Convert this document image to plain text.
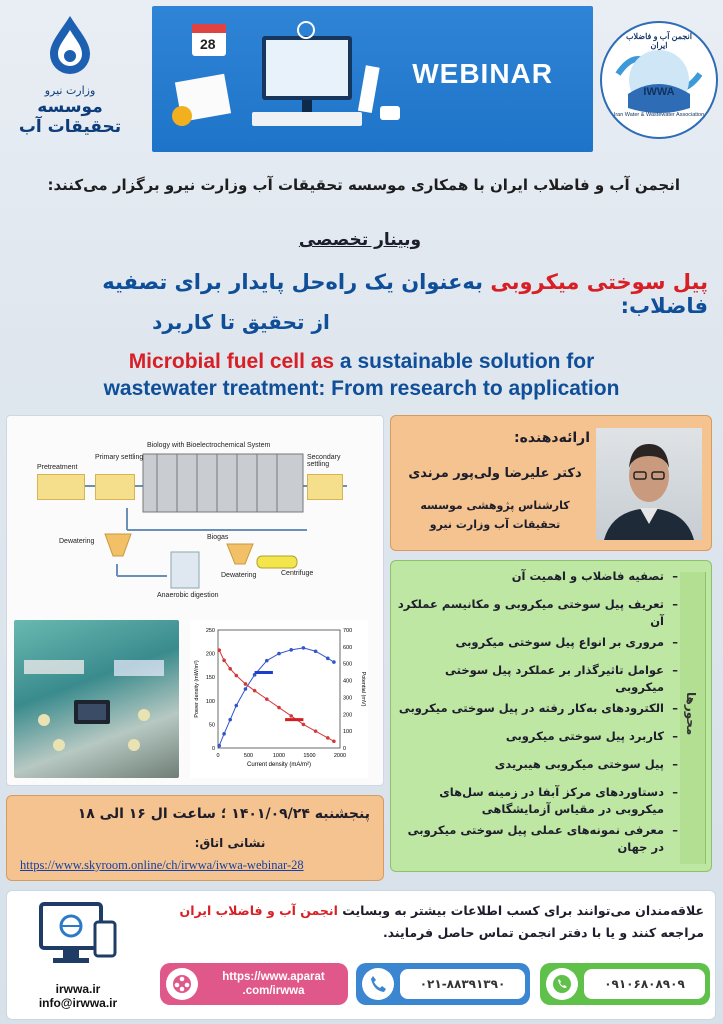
وزارت نیرو
موسسه تحقیقات آب
28
WEBINAR
انجمن آب و فاضلاب ایران
IWWA
Iran Water & Wastewater Association
انجمن آب و فاضلاب ایران با همکاری موسسه تحقیقات آب وزارت نیرو برگزار می‌کنند:
وبینار تخصصی
پیل سوختی میکروبی به‌عنوان یک راه‌حل پایدار برای تصفیه فاضلاب:
از تحقیق تا کاربرد
Microbial fuel cell as a sustainable solution for
wastewater treatment: From research to application
Pretreatment
Primary settling
Biology with Bioelectrochemical System
Secondary settling
Dewatering
Biogas
Dewatering	Centrifuge
Anaerobic digestion
0	500	1000	1500	2000
0
50
100
150
200
250
0
100
200
300
400
500
600
700
Current density (mA/m²)
Power density (mW/m²)	Potential (mV)
ارائه‌دهنده:
دکتر علیرضا ولی‌پور مرندی
کارشناس پژوهشی موسسه
تحقیقات آب وزارت نیرو
محورها
– تصفیه فاضلاب و اهمیت آن
– تعریف پیل سوختی میکروبی و مکانیسم عملکرد آن
– مروری بر انواع پیل سوختی میکروبی
– عوامل تاثیرگذار بر عملکرد پیل سوختی میکروبی
– الکترودهای به‌کار رفته در پیل سوختی میکروبی
– کاربرد پیل سوختی میکروبی
– پیل سوختی میکروبی هیبریدی
– دستاوردهای مرکز آبفا در زمینه سل‌های میکروبی در مقیاس آزمایشگاهی
– معرفی نمونه‌های عملی پیل سوختی میکروبی در جهان
پنجشنبه ۱۴۰۱/۰۹/۲۴ ؛ ساعت ال ۱۶ الی ۱۸
نشانی اتاق:
https://www.skyroom.online/ch/irwwa/iwwa-webinar-28
irwwa.ir
info@irwwa.ir
علاقه‌مندان می‌توانند برای کسب اطلاعات بیشتر به وبسایت انجمن آب و فاضلاب ایران
مراجعه کنند و یا با دفتر انجمن تماس حاصل فرمایند.
https://www.aparat
.com/irwwa	۰۲۱-۸۸۳۹۱۳۹۰	۰۹۱۰۶۸۰۸۹۰۹
